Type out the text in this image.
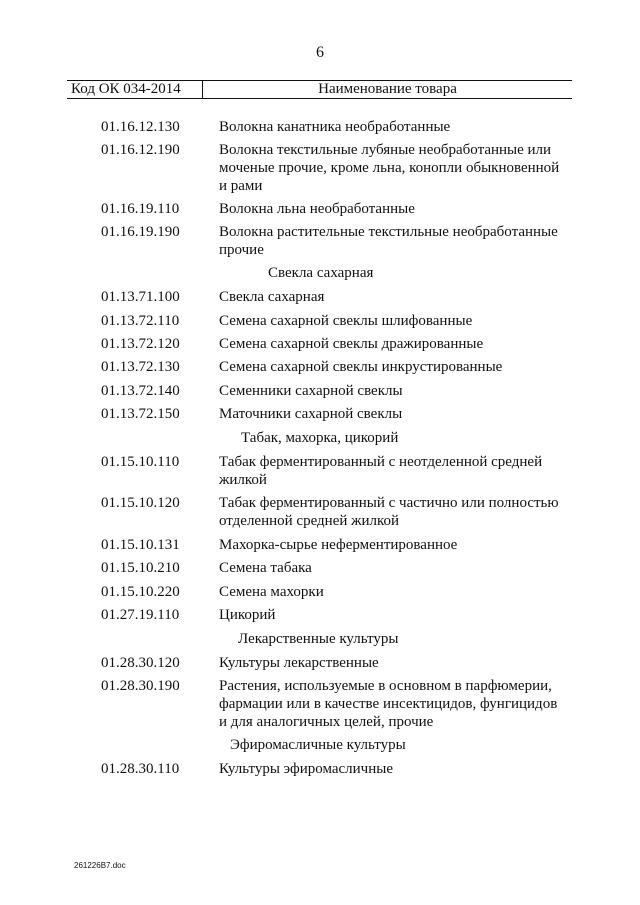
6
Код ОК 034-2014	Наименование товара
01.16.12.130	Волокна канатника необработанные
01.16.12.190	Волокна текстильные лубяные необработанные или моченые прочие, кроме льна, конопли обыкновенной и рами
01.16.19.110	Волокна льна необработанные
01.16.19.190	Волокна растительные текстильные необработанные прочие
Свекла сахарная
01.13.71.100	Свекла сахарная
01.13.72.110	Семена сахарной свеклы шлифованные
01.13.72.120	Семена сахарной свеклы дражированные
01.13.72.130	Семена сахарной свеклы инкрустированные
01.13.72.140	Семенники сахарной свеклы
01.13.72.150	Маточники сахарной свеклы
Табак, махорка, цикорий
01.15.10.110	Табак ферментированный с неотделенной средней жилкой
01.15.10.120	Табак ферментированный с частично или полностью отделенной средней жилкой
01.15.10.131	Махорка-сырье неферментированное
01.15.10.210	Семена табака
01.15.10.220	Семена махорки
01.27.19.110	Цикорий
Лекарственные культуры
01.28.30.120	Культуры лекарственные
01.28.30.190	Растения, используемые в основном в парфюмерии, фармации или в качестве инсектицидов, фунгицидов и для аналогичных целей, прочие
Эфиромасличные культуры
01.28.30.110	Культуры эфиромасличные
261226B7.doc
